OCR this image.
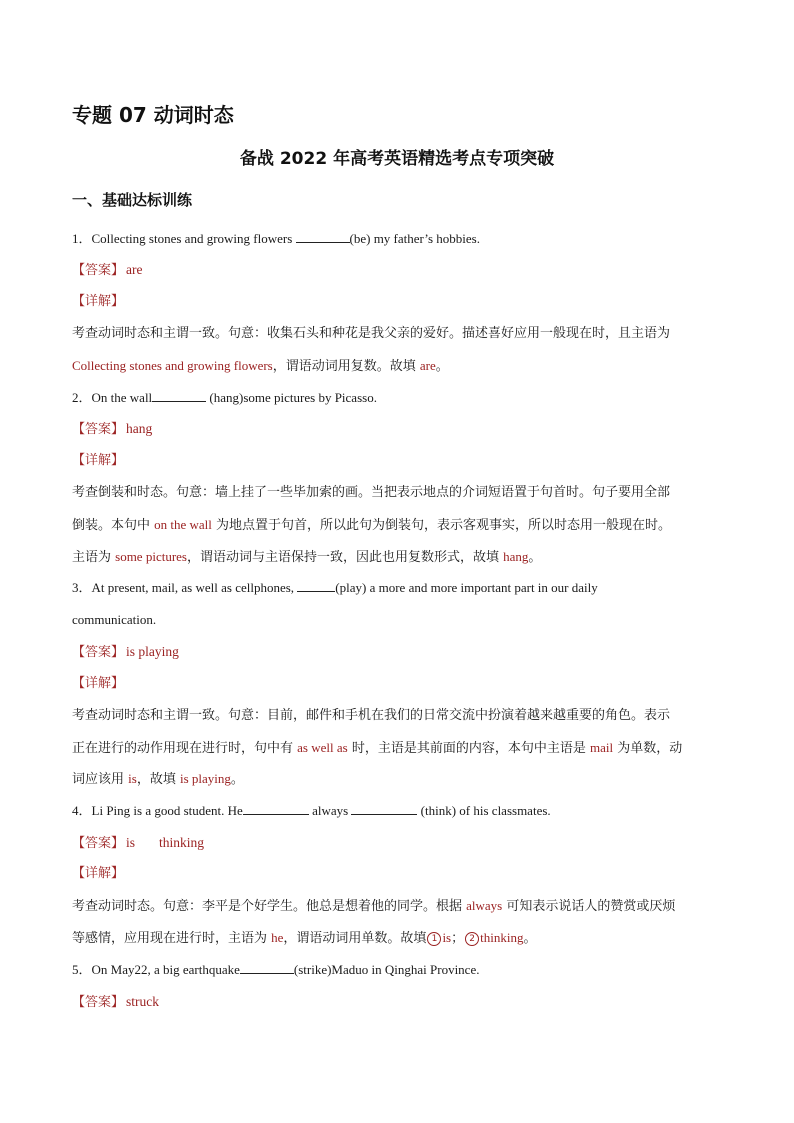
专题 07 动词时态
备战 2022 年高考英语精选考点专项突破
一、基础达标训练
1．Collecting stones and growing flowers	(be) my father’s hobbies.
【答案】 are
【详解】
考查动词时态和主谓一致。句意：收集石头和种花是我父亲的爱好。描述喜好应用一般现在时，且主语为
Collecting stones and growing flowers，谓语动词用复数。故填 are。
2．On the wall	(hang)some pictures by Picasso.
【答案】 hang
【详解】
考查倒装和时态。句意：墙上挂了一些毕加索的画。当把表示地点的介词短语置于句首时。句子要用全部
倒装。本句中 on the wall 为地点置于句首，所以此句为倒装句，表示客观事实，所以时态用一般现在时。
主语为 some pictures，谓语动词与主语保持一致，因此也用复数形式，故填 hang。
3．At present, mail, as well as cellphones,	(play) a more and more important part in our daily
communication.
【答案】 is playing
【详解】
考查动词时态和主谓一致。句意：目前，邮件和手机在我们的日常交流中扮演着越来越重要的角色。表示
正在进行的动作用现在进行时，句中有 as well as 时，主语是其前面的内容，本句中主语是 mail 为单数，动
词应该用 is，故填 is playing。
4．Li Ping is a good student. He	always	(think) of his classmates.
【答案】 is thinking
【详解】
考查动词时态。句意：李平是个好学生。他总是想着他的同学。根据 always 可知表示说话人的赞赏或厌烦
等感情，应用现在进行时，主语为 he，谓语动词用单数。故填 1 is； 2 thinking。
5．On May22, a big earthquake	(strike)Maduo in Qinghai Province.
【答案】 struck
